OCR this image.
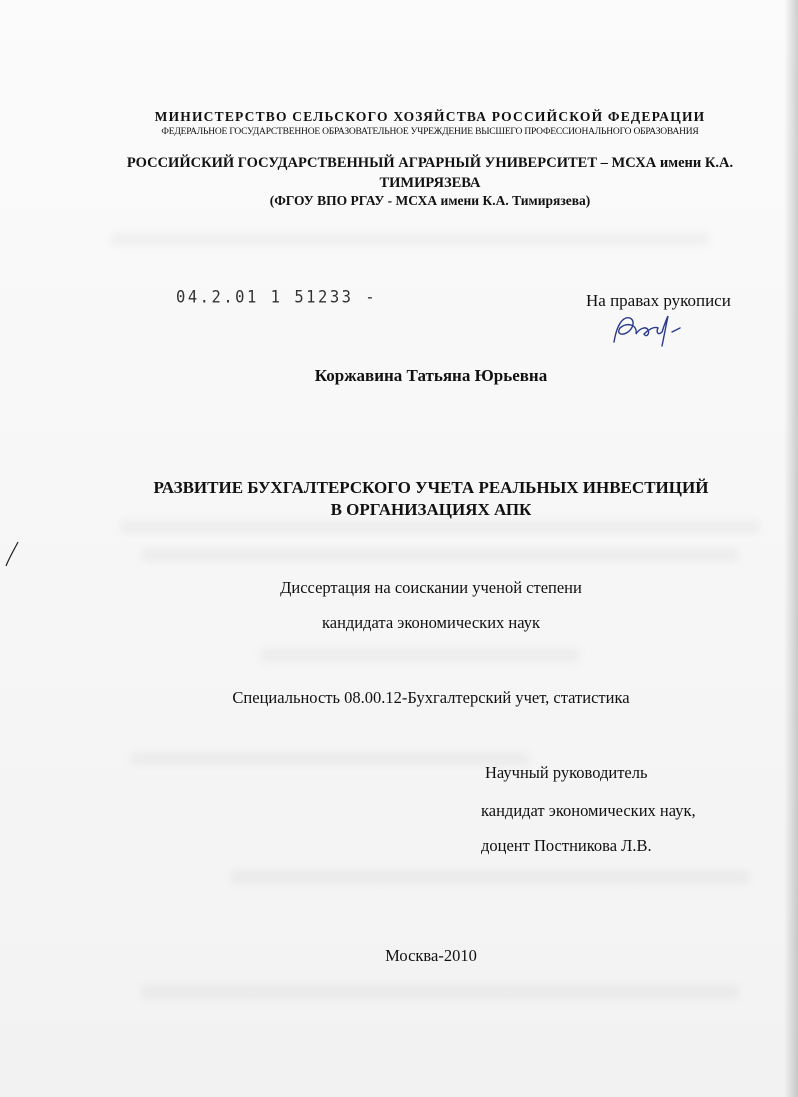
МИНИСТЕРСТВО СЕЛЬСКОГО ХОЗЯЙСТВА РОССИЙСКОЙ ФЕДЕРАЦИИ
ФЕДЕРАЛЬНОЕ ГОСУДАРСТВЕННОЕ ОБРАЗОВАТЕЛЬНОЕ УЧРЕЖДЕНИЕ ВЫСШЕГО ПРОФЕССИОНАЛЬНОГО ОБРАЗОВАНИЯ
РОССИЙСКИЙ ГОСУДАРСТВЕННЫЙ АГРАРНЫЙ УНИВЕРСИТЕТ – МСХА имени К.А.
ТИМИРЯЗЕВА
(ФГОУ ВПО РГАУ - МСХА имени К.А. Тимирязева)
04.2.01 1 51233 -	На правах рукописи
Коржавина Татьяна Юрьевна
РАЗВИТИЕ БУХГАЛТЕРСКОГО УЧЕТА РЕАЛЬНЫХ ИНВЕСТИЦИЙ
В ОРГАНИЗАЦИЯХ АПК
Диссертация на соискании ученой степени
кандидата экономических наук
Специальность 08.00.12-Бухгалтерский учет, статистика
Научный руководитель
кандидат экономических наук,
доцент Постникова Л.В.
Москва-2010
